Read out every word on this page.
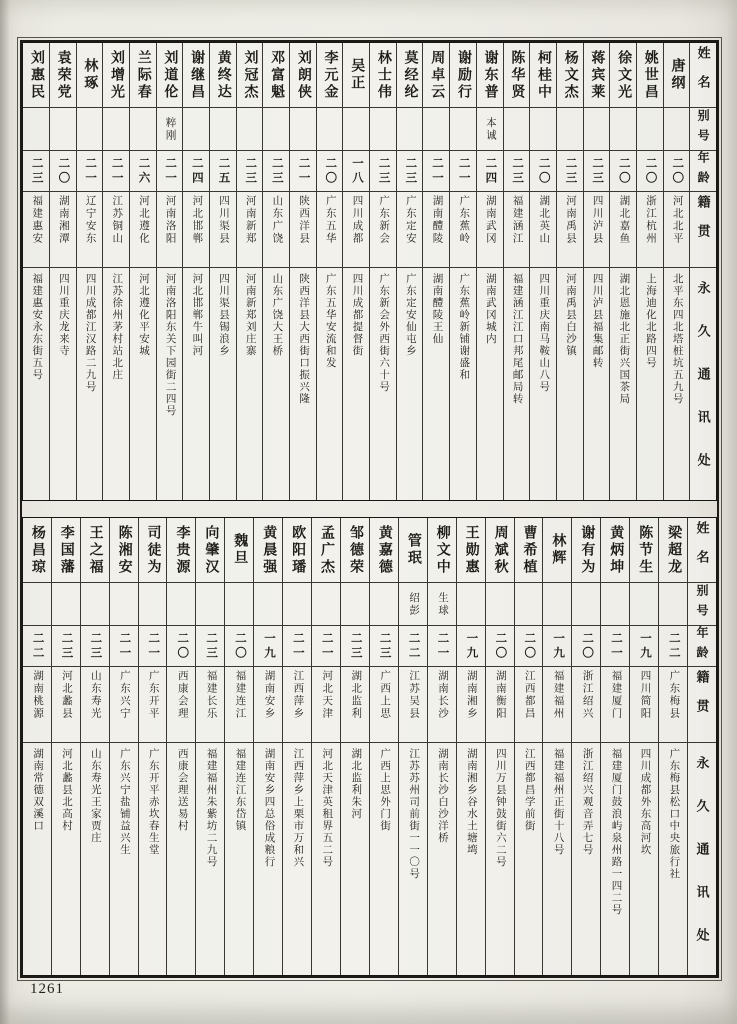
姓名
别号
年龄
籍贯
永久通讯处
唐纲
二〇
河北北平
北平东四北塔桩坑五九号
姚世昌
二〇
浙江杭州
上海迪化北路四号
徐文光
二〇
湖北嘉鱼
湖北恩施北正街兴国茶局
蒋宾莱
二三
四川泸县
四川泸县福集邮转
杨文杰
二三
河南禹县
河南禹县白沙镇
柯桂中
二〇
湖北英山
四川重庆南马鞍山八号
陈华贤
二三
福建涵江
福建涵江江口邦尾邮局转
谢东普
本诚
二四
湖南武冈
湖南武冈城内
谢励行
二一
广东蕉岭
广东蕉岭新铺谢盛和
周卓云
二一
湖南醴陵
湖南醴陵王仙
莫经纶
二三
广东定安
广东定安仙屯乡
林士伟
二三
广东新会
广东新会外西街六十号
吴正
一八
四川成都
四川成都提督街
李元金
二〇
广东五华
广东五华安流和发
刘朗侠
二一
陕西洋县
陕西洋县大西街口振兴隆
邓富魁
二三
山东广饶
山东广饶大王桥
刘冠杰
二三
河南新郑
河南新郑刘庄寨
黄终达
二五
四川渠县
四川渠县锡浪乡
谢继昌
二四
河北邯郸
河北邯郸牛叫河
刘道伦
粹刚
二一
河南洛阳
河南洛阳东关下园街二四号
兰际春
二六
河北遵化
河北遵化平安城
刘增光
二一
江苏铜山
江苏徐州茅村站北庄
林琢
二一
辽宁安东
四川成都江汉路二九号
袁荣党
二〇
湖南湘潭
四川重庆龙来寺
刘惠民
二三
福建惠安
福建惠安永东街五号
姓名
别号
年龄
籍贯
永久通讯处
梁超龙
二二
广东梅县
广东梅县松口中央旅行社
陈节生
一九
四川简阳
四川成都外东高河坎
黄炳坤
二一
福建厦门
福建厦门鼓浪屿泉州路一四二号
谢有为
二〇
浙江绍兴
浙江绍兴观音弄七号
林辉
一九
福建福州
福建福州正街十八号
曹希植
二〇
江西都昌
江西都昌学前街
周斌秋
二〇
湖南衡阳
四川万县钟鼓街六二号
王勋惠
一九
湖南湘乡
湖南湘乡谷水土塘塆
柳文中
生球
二一
湖南长沙
湖南长沙白沙洋桥
管珉
绍彭
二二
江苏吴县
江苏苏州司前街一一〇号
黄嘉德
二三
广西上思
广西上思外门街
邹德荣
二三
湖北监利
湖北监利朱河
孟广杰
二一
河北天津
河北天津英租界五二号
欧阳璠
二一
江西萍乡
江西萍乡上栗市万和兴
黄晨强
一九
湖南安乡
湖南安乡四总俗成粮行
魏旦
二〇
福建连江
福建连江东岱镇
向肇汉
二三
福建长乐
福建福州朱紫坊二九号
李贵源
二〇
西康会理
西康会理送易村
司徒为
二一
广东开平
广东开平赤坎春生堂
陈湘安
二一
广东兴宁
广东兴宁盐铺益兴生
王之福
二三
山东寿光
山东寿光王家贾庄
李国藩
二三
河北蠡县
河北蠡县北高村
杨昌琼
二二
湖南桃源
湖南常德双溪口
1261
